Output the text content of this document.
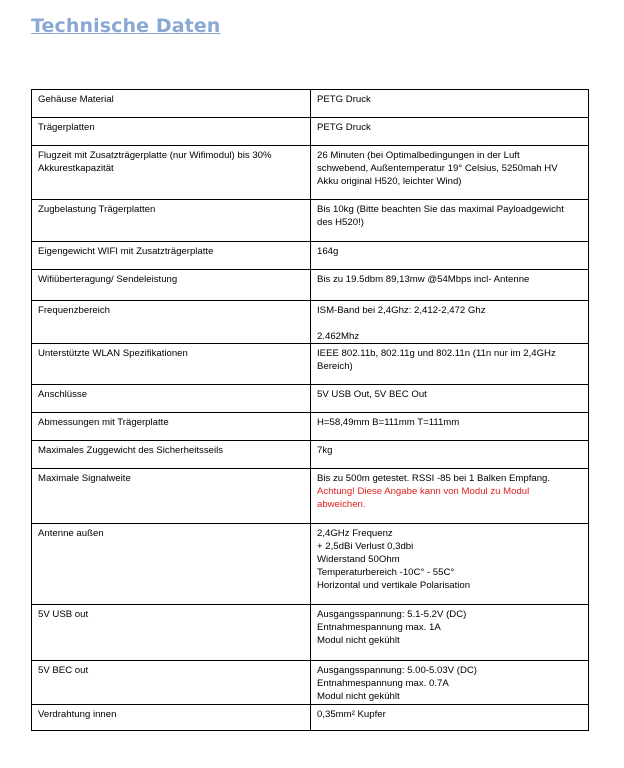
Technische Daten
Gehäuse Material	PETG Druck

Trägerplatten	PETG Druck

Flugzeit mit Zusatzträgerplatte (nur Wifimodul) bis 30%
Akkurestkapazität	26 Minuten (bei Optimalbedingungen in der Luft
schwebend, Außentemperatur 19° Celsius, 5250mah HV
Akku original H520, leichter Wind)

Zugbelastung Trägerplatten	Bis 10kg (Bitte beachten Sie das maximal Payloadgewicht
des H520!)

Eigengewicht WIFI mit Zusatzträgerplatte	164g

Wifiüberteragung/ Sendeleistung	Bis zu 19.5dbm 89,13mw @54Mbps incl- Antenne

Frequenzbereich	ISM-Band bei 2,4Ghz: 2,412-2,472 Ghz
2.462Mhz

Unterstützte WLAN Spezifikationen	IEEE 802.11b, 802.11g und 802.11n (11n nur im 2,4GHz
Bereich)

Anschlüsse	5V USB Out, 5V BEC Out

Abmessungen mit Trägerplatte	H=58,49mm B=111mm T=111mm

Maximales Zuggewicht des Sicherheitsseils	7kg

Maximale Signalweite	Bis zu 500m getestet. RSSI -85 bei 1 Balken Empfang.
Achtung! Diese Angabe kann von Modul zu Modul
abweichen.

Antenne außen	2,4GHz Frequenz
+ 2,5dBi Verlust 0,3dbi
Widerstand 50Ohm
Temperaturbereich -10C° - 55C°
Horizontal und vertikale Polarisation

5V USB out	Ausgangsspannung: 5.1-5.2V (DC)
Entnahmespannung max. 1A
Modul nicht gekühlt

5V BEC out	Ausgangsspannung: 5.00-5.03V (DC)
Entnahmespannung max. 0.7A
Modul nicht gekühlt

Verdrahtung innen	0,35mm² Kupfer
